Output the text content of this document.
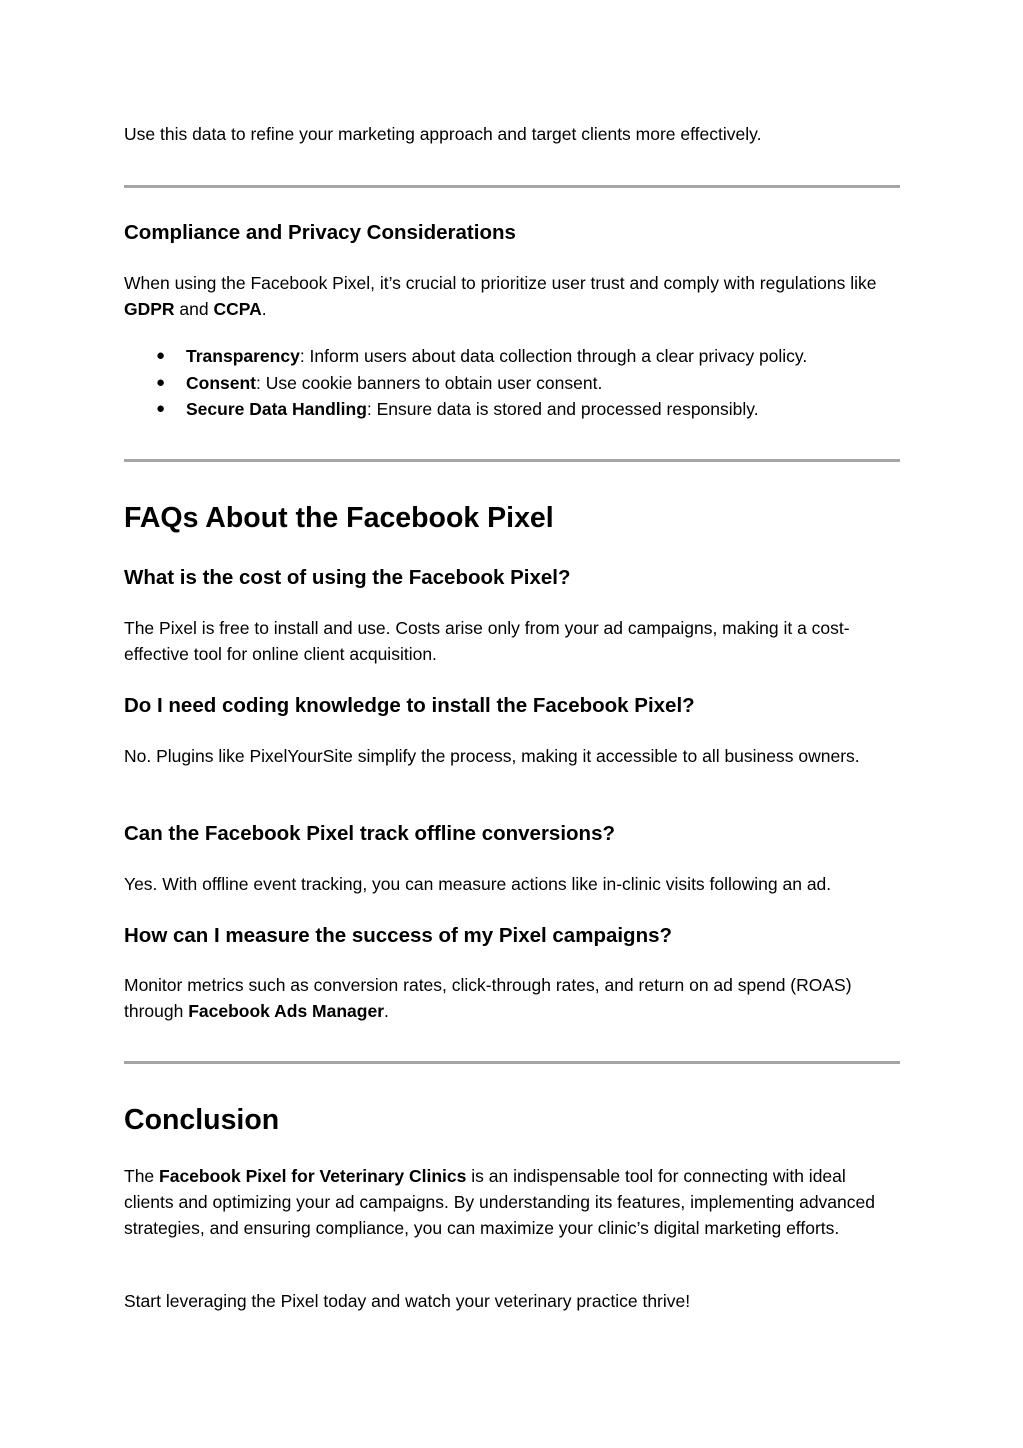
Use this data to refine your marketing approach and target clients more effectively.

Compliance and Privacy Considerations

When using the Facebook Pixel, it’s crucial to prioritize user trust and comply with regulations like GDPR and CCPA.

● Transparency: Inform users about data collection through a clear privacy policy.
● Consent: Use cookie banners to obtain user consent.
● Secure Data Handling: Ensure data is stored and processed responsibly.
FAQs About the Facebook Pixel
What is the cost of using the Facebook Pixel?

The Pixel is free to install and use. Costs arise only from your ad campaigns, making it a cost-effective tool for online client acquisition.

Do I need coding knowledge to install the Facebook Pixel?

No. Plugins like PixelYourSite simplify the process, making it accessible to all business owners.

Can the Facebook Pixel track offline conversions?

Yes. With offline event tracking, you can measure actions like in-clinic visits following an ad.

How can I measure the success of my Pixel campaigns?

Monitor metrics such as conversion rates, click-through rates, and return on ad spend (ROAS) through Facebook Ads Manager.

Conclusion

The Facebook Pixel for Veterinary Clinics is an indispensable tool for connecting with ideal clients and optimizing your ad campaigns. By understanding its features, implementing advanced strategies, and ensuring compliance, you can maximize your clinic’s digital marketing efforts.

Start leveraging the Pixel today and watch your veterinary practice thrive!
